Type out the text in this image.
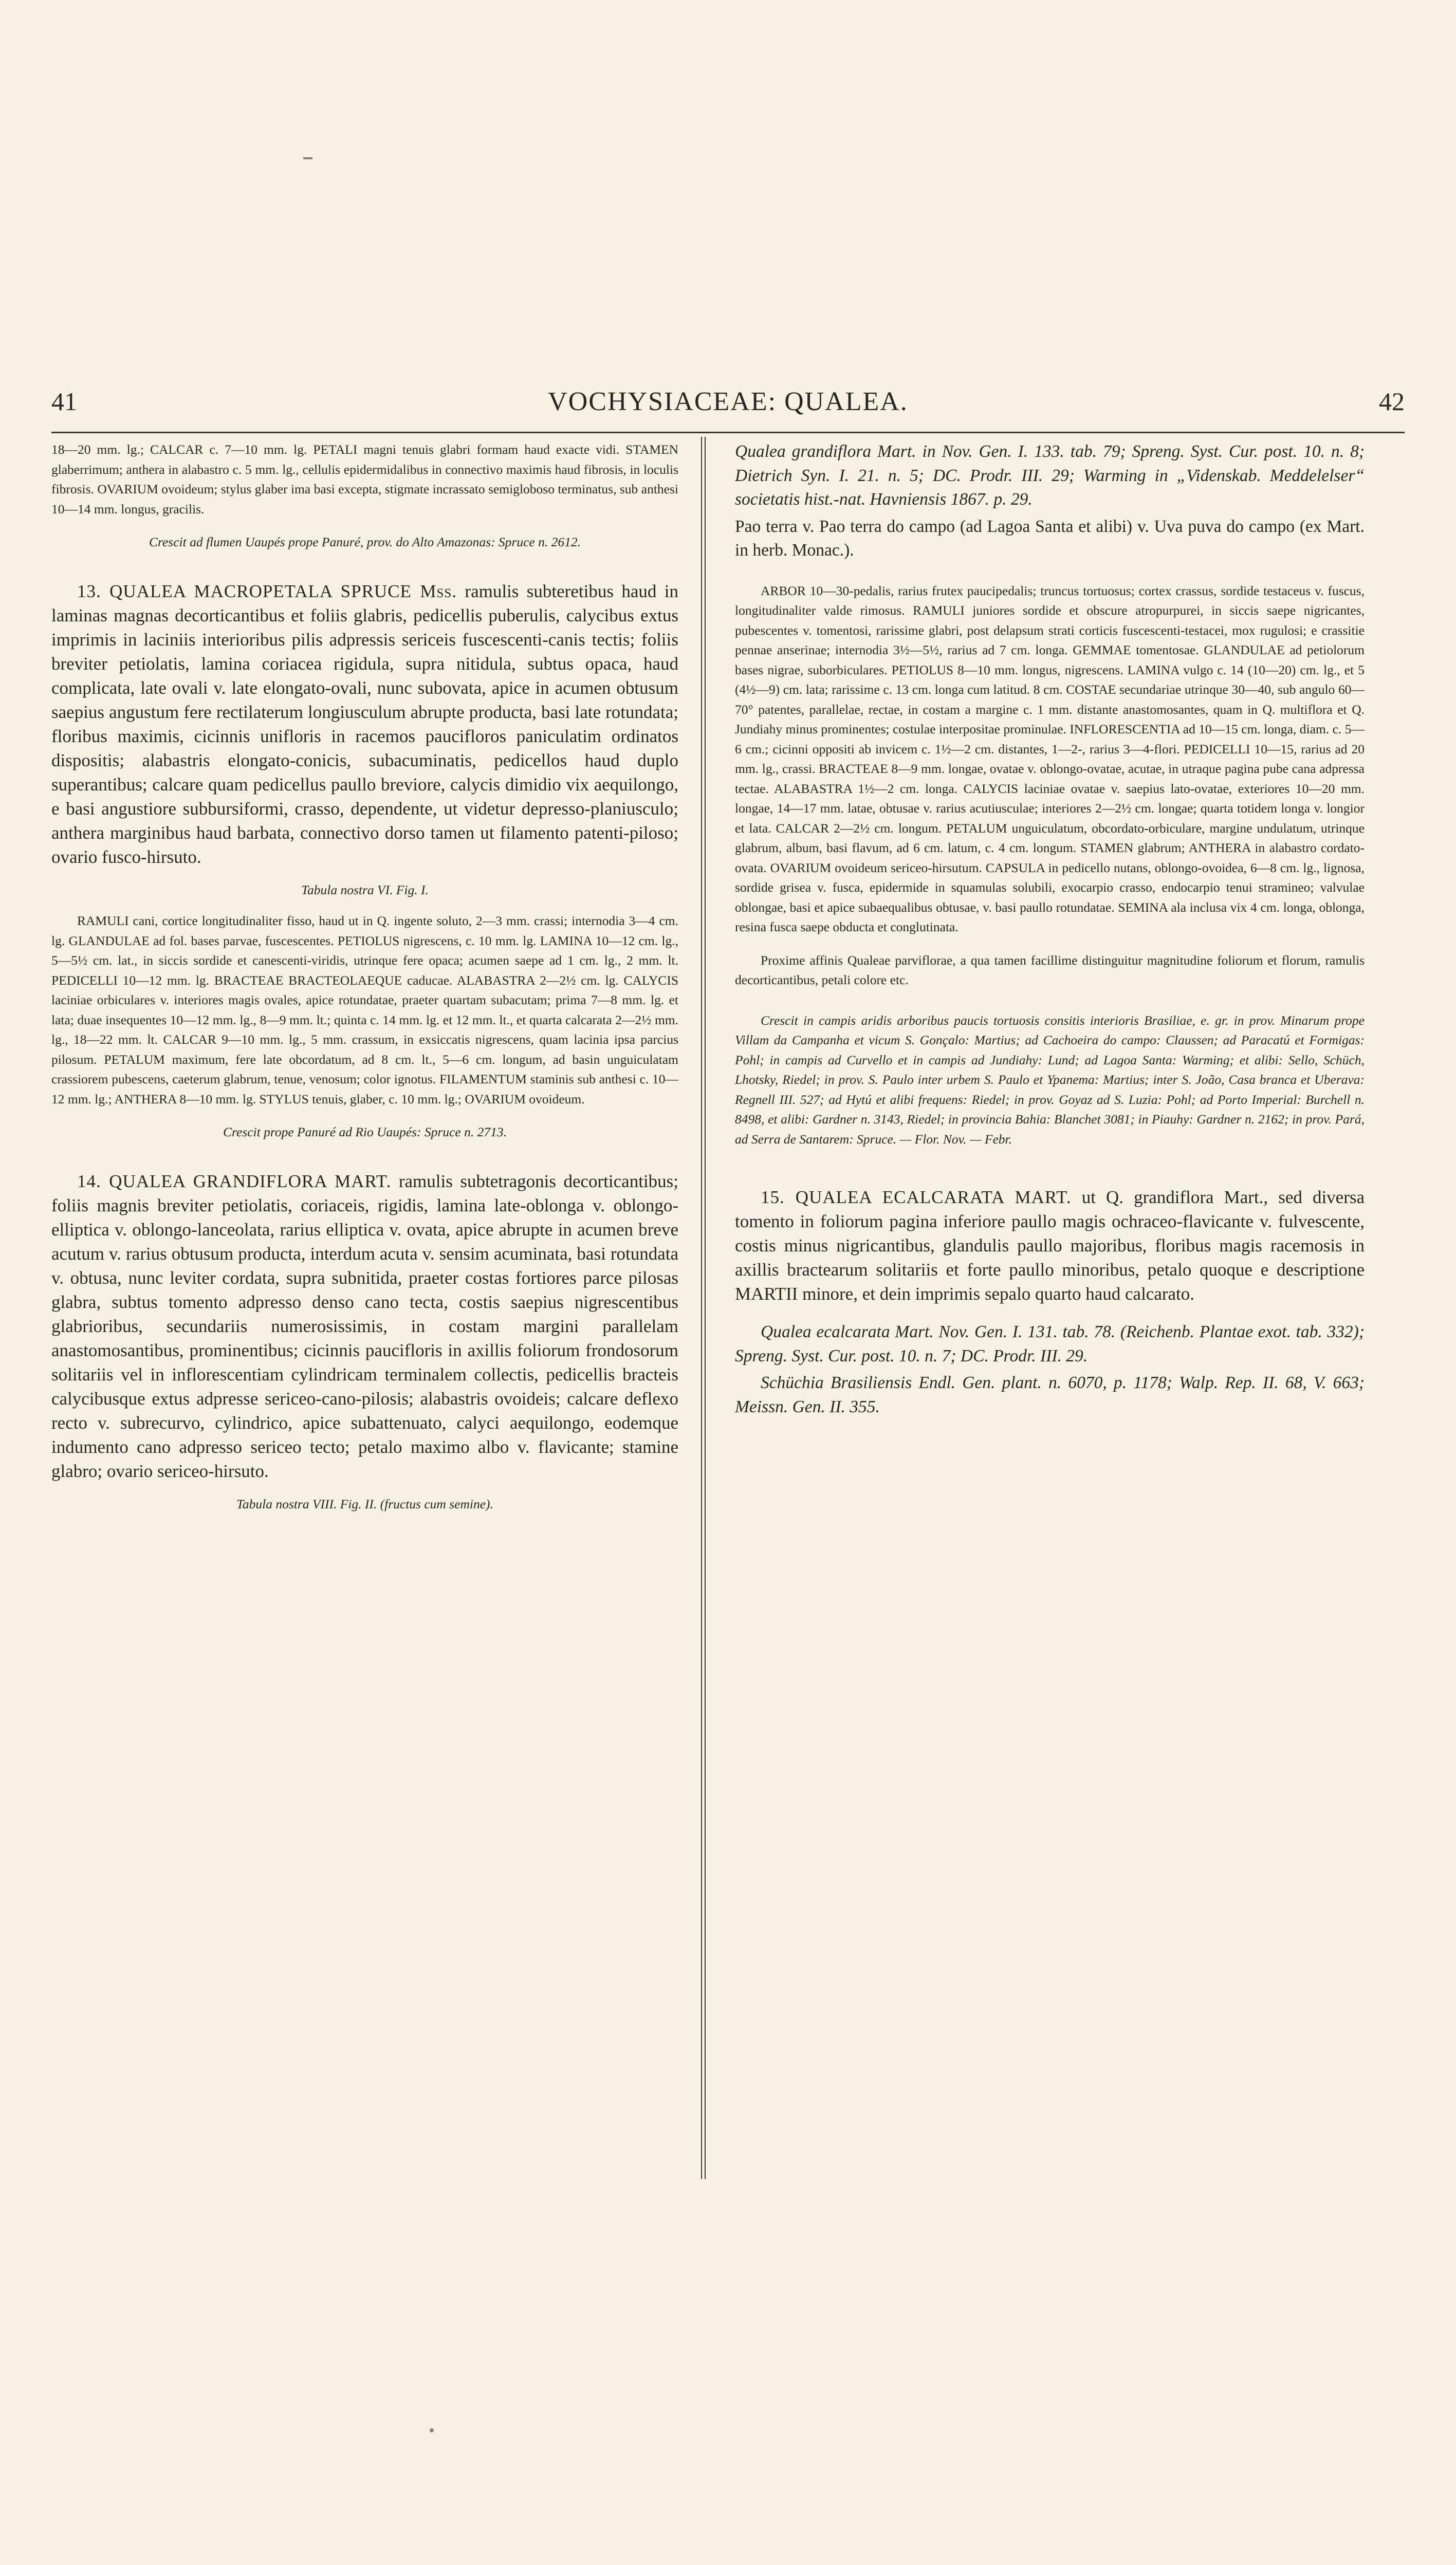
41	VOCHYSIACEAE: QUALEA.	42

18—20 mm. lg.; CALCAR c. 7—10 mm. lg. PETALI magni tenuis glabri formam haud exacte vidi. STAMEN glaberrimum; anthera in alabastro c. 5 mm. lg., cellulis epidermidalibus in connectivo maximis haud fibrosis, in loculis fibrosis. OVARIUM ovoideum; stylus glaber ima basi excepta, stigmate incrassato semigloboso terminatus, sub anthesi 10—14 mm. longus, gracilis.

Crescit ad flumen Uaupés prope Panuré, prov. do Alto Amazonas: Spruce n. 2612.

13. QUALEA MACROPETALA SPRUCE Mss. ramulis subteretibus haud in laminas magnas decorticantibus et foliis glabris, pedicellis puberulis, calycibus extus imprimis in laciniis interioribus pilis adpressis sericeis fuscescenti-canis tectis; foliis breviter petiolatis, lamina coriacea rigidula, supra nitidula, subtus opaca, haud complicata, late ovali v. late elongato-ovali, nunc subovata, apice in acumen obtusum saepius angustum fere rectilaterum longiusculum abrupte producta, basi late rotundata; floribus maximis, cicinnis unifloris in racemos paucifloros paniculatim ordinatos dispositis; alabastris elongato-conicis, subacuminatis, pedicellos haud duplo superantibus; calcare quam pedicellus paullo breviore, calycis dimidio vix aequilongo, e basi angustiore subbursiformi, crasso, dependente, ut videtur depresso-planiusculo; anthera marginibus haud barbata, connectivo dorso tamen ut filamento patenti-piloso; ovario fusco-hirsuto.

Tabula nostra VI. Fig. I.

RAMULI cani, cortice longitudinaliter fisso, haud ut in Q. ingente soluto, 2—3 mm. crassi; internodia 3—4 cm. lg. GLANDULAE ad fol. bases parvae, fuscescentes. PETIOLUS nigrescens, c. 10 mm. lg. LAMINA 10—12 cm. lg., 5—5½ cm. lat., in siccis sordide et canescenti-viridis, utrinque fere opaca; acumen saepe ad 1 cm. lg., 2 mm. lt. PEDICELLI 10—12 mm. lg. BRACTEAE BRACTEOLAEQUE caducae. ALABASTRA 2—2½ cm. lg. CALYCIS laciniae orbiculares v. interiores magis ovales, apice rotundatae, praeter quartam subacutam; prima 7—8 mm. lg. et lata; duae insequentes 10—12 mm. lg., 8—9 mm. lt.; quinta c. 14 mm. lg. et 12 mm. lt., et quarta calcarata 2—2½ mm. lg., 18—22 mm. lt. CALCAR 9—10 mm. lg., 5 mm. crassum, in exsiccatis nigrescens, quam lacinia ipsa parcius pilosum. PETALUM maximum, fere late obcordatum, ad 8 cm. lt., 5—6 cm. longum, ad basin unguiculatam crassiorem pubescens, caeterum glabrum, tenue, venosum; color ignotus. FILAMENTUM staminis sub anthesi c. 10—12 mm. lg.; ANTHERA 8—10 mm. lg. STYLUS tenuis, glaber, c. 10 mm. lg.; OVARIUM ovoideum.

Crescit prope Panuré ad Rio Uaupés: Spruce n. 2713.

14. QUALEA GRANDIFLORA MART. ramulis subtetragonis decorticantibus; foliis magnis breviter petiolatis, coriaceis, rigidis, lamina late-oblonga v. oblongo-elliptica v. oblongo-lanceolata, rarius elliptica v. ovata, apice abrupte in acumen breve acutum v. rarius obtusum producta, interdum acuta v. sensim acuminata, basi rotundata v. obtusa, nunc leviter cordata, supra subnitida, praeter costas fortiores parce pilosas glabra, subtus tomento adpresso denso cano tecta, costis saepius nigrescentibus glabrioribus, secundariis numerosissimis, in costam margini parallelam anastomosantibus, prominentibus; cicinnis paucifloris in axillis foliorum frondosorum solitariis vel in inflorescentiam cylindricam terminalem collectis, pedicellis bracteis calycibusque extus adpresse sericeo-cano-pilosis; alabastris ovoideis; calcare deflexo recto v. subrecurvo, cylindrico, apice subattenuato, calyci aequilongo, eodemque indumento cano adpresso sericeo tecto; petalo maximo albo v. flavicante; stamine glabro; ovario sericeo-hirsuto.

Tabula nostra VIII. Fig. II. (fructus cum semine).

Qualea grandiflora Mart. in Nov. Gen. I. 133. tab. 79; Spreng. Syst. Cur. post. 10. n. 8; Dietrich Syn. I. 21. n. 5; DC. Prodr. III. 29; Warming in „Videnskab. Meddelelser“ societatis hist.-nat. Havniensis 1867. p. 29.

Pao terra v. Pao terra do campo (ad Lagoa Santa et alibi) v. Uva puva do campo (ex Mart. in herb. Monac.).

ARBOR 10—30-pedalis, rarius frutex paucipedalis; truncus tortuosus; cortex crassus, sordide testaceus v. fuscus, longitudinaliter valde rimosus. RAMULI juniores sordide et obscure atropurpurei, in siccis saepe nigricantes, pubescentes v. tomentosi, rarissime glabri, post delapsum strati corticis fuscescenti-testacei, mox rugulosi; e crassitie pennae anserinae; internodia 3½—5½, rarius ad 7 cm. longa. GEMMAE tomentosae. GLANDULAE ad petiolorum bases nigrae, suborbiculares. PETIOLUS 8—10 mm. longus, nigrescens. LAMINA vulgo c. 14 (10—20) cm. lg., et 5 (4½—9) cm. lata; rarissime c. 13 cm. longa cum latitud. 8 cm. COSTAE secundariae utrinque 30—40, sub angulo 60—70° patentes, parallelae, rectae, in costam a margine c. 1 mm. distante anastomosantes, quam in Q. multiflora et Q. Jundiahy minus prominentes; costulae interpositae prominulae. INFLORESCENTIA ad 10—15 cm. longa, diam. c. 5—6 cm.; cicinni oppositi ab invicem c. 1½—2 cm. distantes, 1—2-, rarius 3—4-flori. PEDICELLI 10—15, rarius ad 20 mm. lg., crassi. BRACTEAE 8—9 mm. longae, ovatae v. oblongo-ovatae, acutae, in utraque pagina pube cana adpressa tectae. ALABASTRA 1½—2 cm. longa. CALYCIS laciniae ovatae v. saepius lato-ovatae, exteriores 10—20 mm. longae, 14—17 mm. latae, obtusae v. rarius acutiusculae; interiores 2—2½ cm. longae; quarta totidem longa v. longior et lata. CALCAR 2—2½ cm. longum. PETALUM unguiculatum, obcordato-orbiculare, margine undulatum, utrinque glabrum, album, basi flavum, ad 6 cm. latum, c. 4 cm. longum. STAMEN glabrum; ANTHERA in alabastro cordato-ovata. OVARIUM ovoideum sericeo-hirsutum. CAPSULA in pedicello nutans, oblongo-ovoidea, 6—8 cm. lg., lignosa, sordide grisea v. fusca, epidermide in squamulas solubili, exocarpio crasso, endocarpio tenui stramineo; valvulae oblongae, basi et apice subaequalibus obtusae, v. basi paullo rotundatae. SEMINA ala inclusa vix 4 cm. longa, oblonga, resina fusca saepe obducta et conglutinata.

Proxime affinis Qualeae parviflorae, a qua tamen facillime distinguitur magnitudine foliorum et florum, ramulis decorticantibus, petali colore etc.

Crescit in campis aridis arboribus paucis tortuosis consitis interioris Brasiliae, e. gr. in prov. Minarum prope Villam da Campanha et vicum S. Gonçalo: Martius; ad Cachoeira do campo: Claussen; ad Paracatú et Formigas: Pohl; in campis ad Curvello et in campis ad Jundiahy: Lund; ad Lagoa Santa: Warming; et alibi: Sello, Schüch, Lhotsky, Riedel; in prov. S. Paulo inter urbem S. Paulo et Ypanema: Martius; inter S. João, Casa branca et Uberava: Regnell III. 527; ad Hytú et alibi frequens: Riedel; in prov. Goyaz ad S. Luzia: Pohl; ad Porto Imperial: Burchell n. 8498, et alibi: Gardner n. 3143, Riedel; in provincia Bahia: Blanchet 3081; in Piauhy: Gardner n. 2162; in prov. Pará, ad Serra de Santarem: Spruce. — Flor. Nov. — Febr.

15. QUALEA ECALCARATA MART. ut Q. grandiflora Mart., sed diversa tomento in foliorum pagina inferiore paullo magis ochraceo-flavicante v. fulvescente, costis minus nigricantibus, glandulis paullo majoribus, floribus magis racemosis in axillis bractearum solitariis et forte paullo minoribus, petalo quoque e descriptione MARTII minore, et dein imprimis sepalo quarto haud calcarato.

Qualea ecalcarata Mart. Nov. Gen. I. 131. tab. 78. (Reichenb. Plantae exot. tab. 332); Spreng. Syst. Cur. post. 10. n. 7; DC. Prodr. III. 29.

Schüchia Brasiliensis Endl. Gen. plant. n. 6070, p. 1178; Walp. Rep. II. 68, V. 663; Meissn. Gen. II. 355.
